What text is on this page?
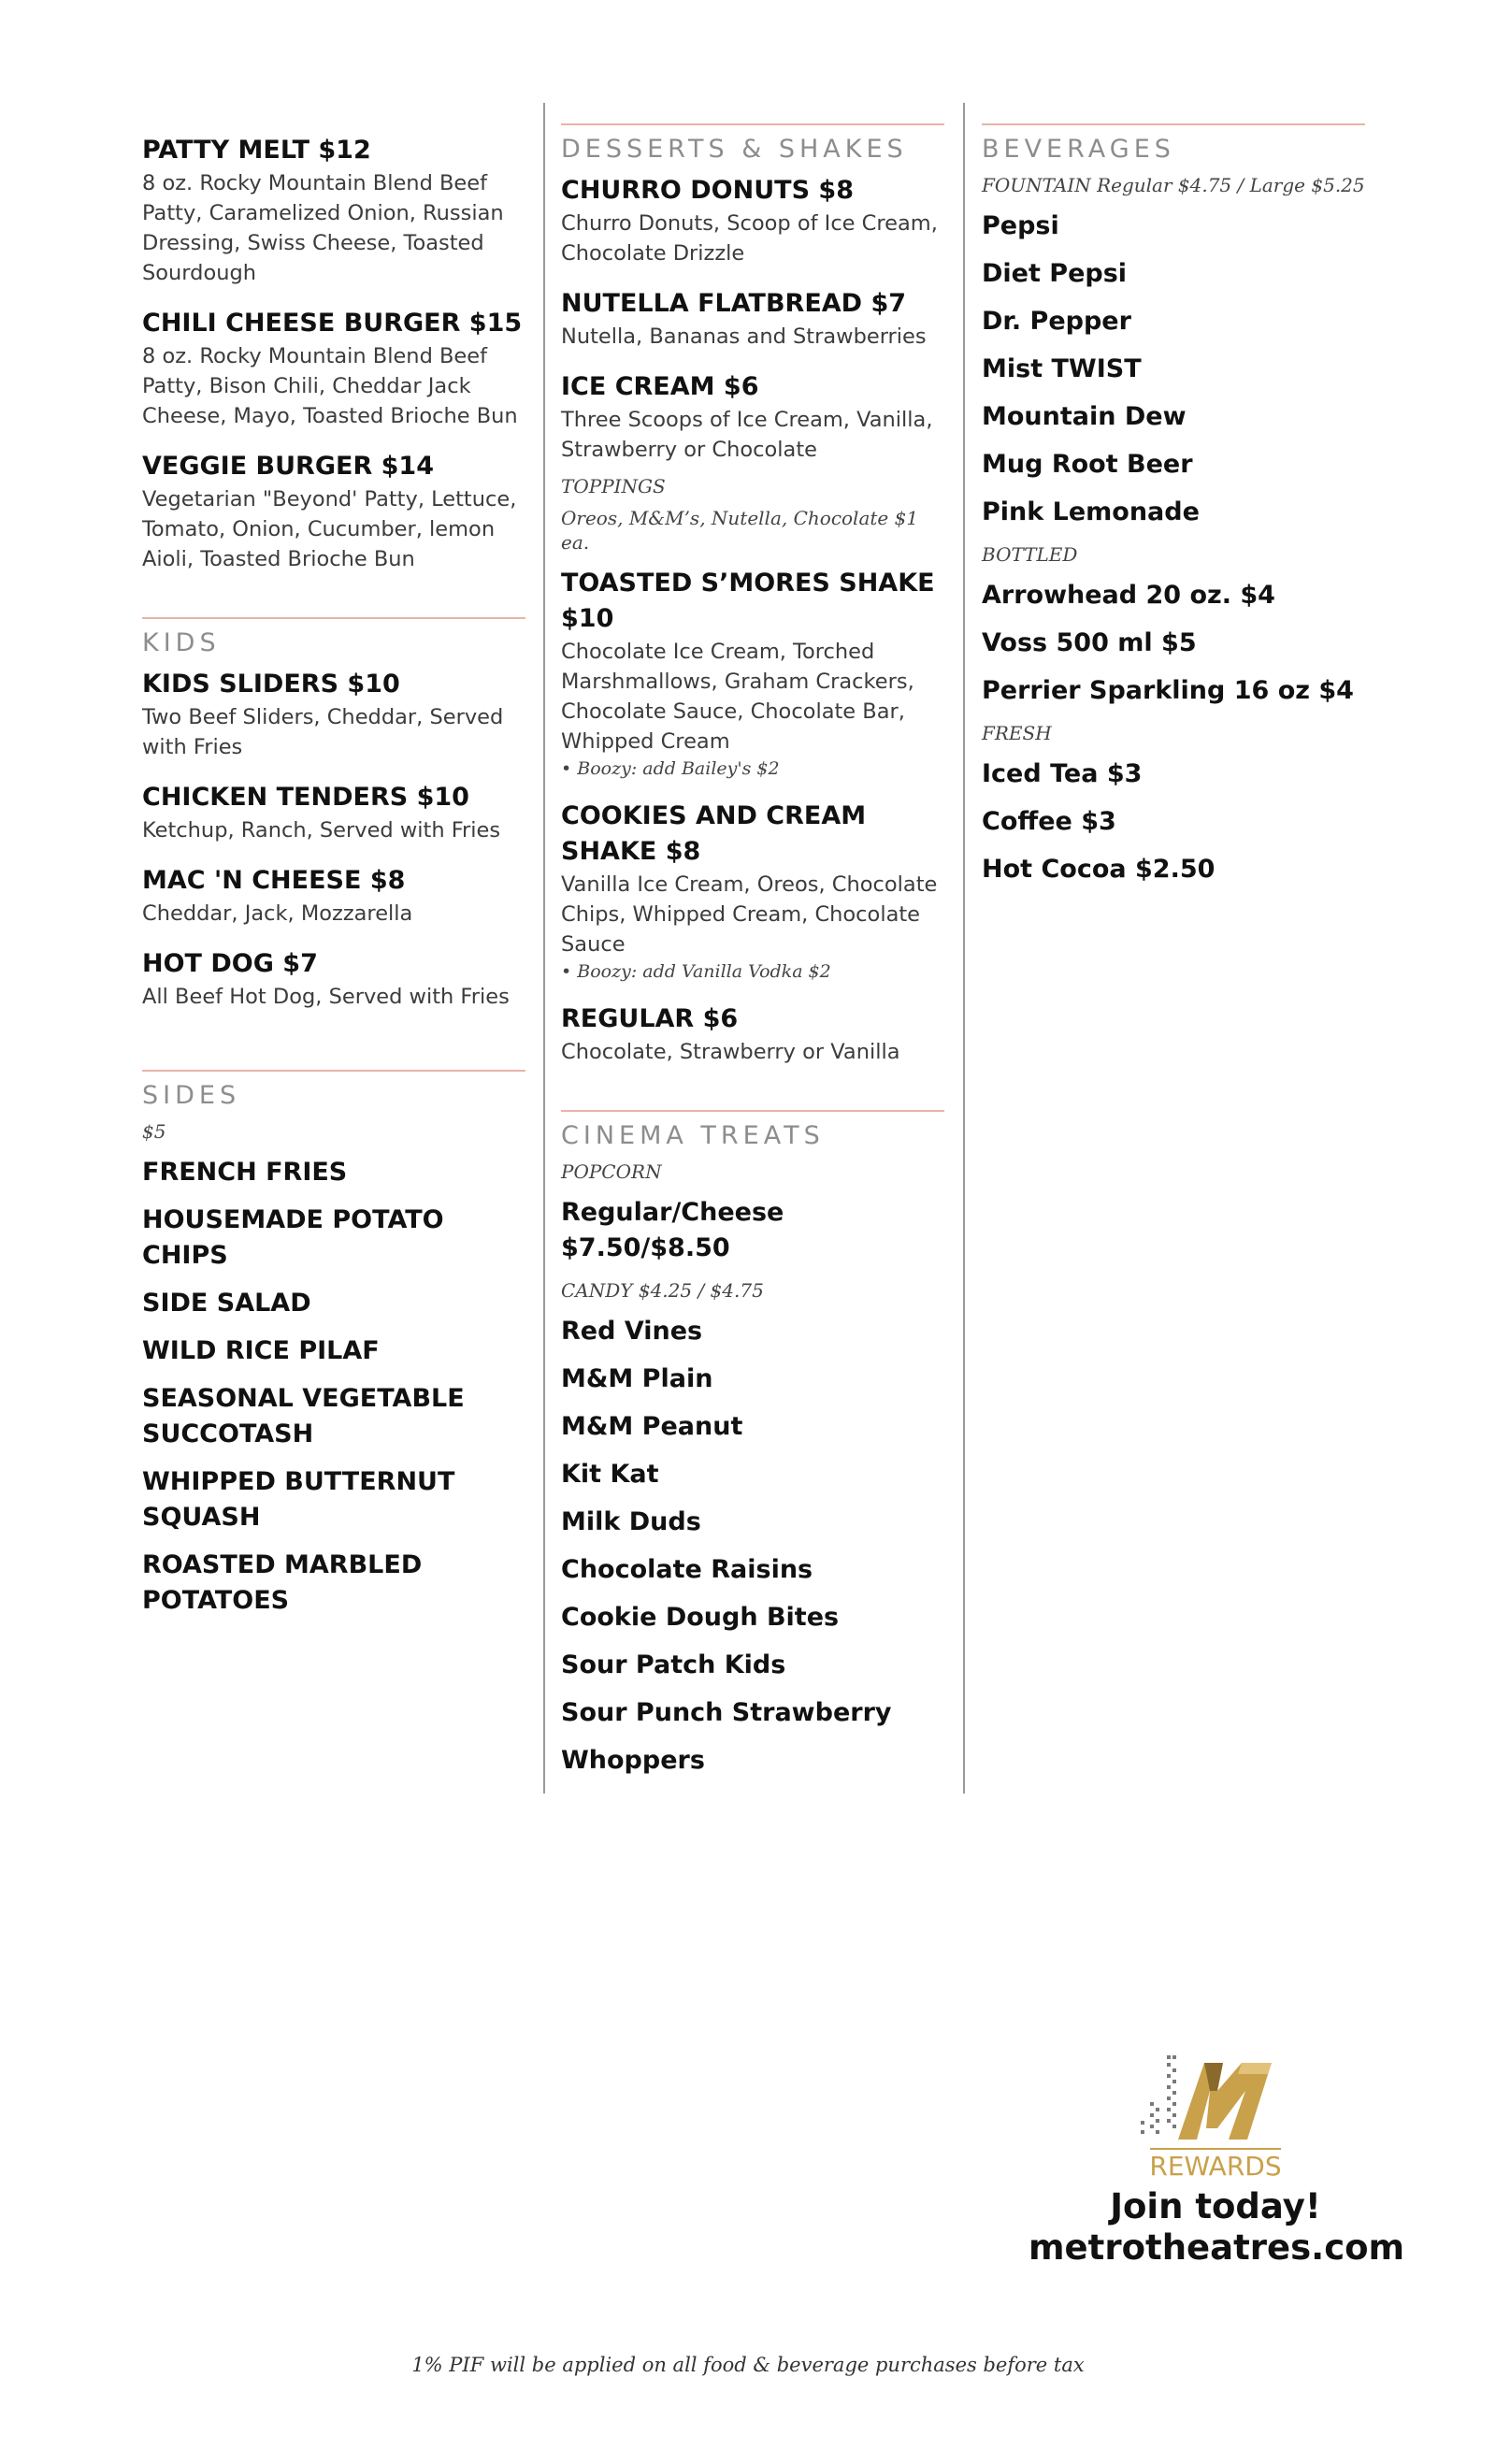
PATTY MELT $12
8 oz. Rocky Mountain Blend Beef Patty, Caramelized Onion, Russian Dressing, Swiss Cheese, Toasted Sourdough
CHILI CHEESE BURGER $15
8 oz. Rocky Mountain Blend Beef Patty, Bison Chili, Cheddar Jack Cheese, Mayo, Toasted Brioche Bun
VEGGIE BURGER $14
Vegetarian "Beyond' Patty, Lettuce, Tomato, Onion, Cucumber, lemon Aioli, Toasted Brioche Bun
KIDS
KIDS SLIDERS $10
Two Beef Sliders, Cheddar, Served with Fries
CHICKEN TENDERS $10
Ketchup, Ranch, Served with Fries
MAC 'N CHEESE $8
Cheddar, Jack, Mozzarella
HOT DOG $7
All Beef Hot Dog, Served with Fries
SIDES
$5
FRENCH FRIES
HOUSEMADE POTATO CHIPS
SIDE SALAD
WILD RICE PILAF
SEASONAL VEGETABLE SUCCOTASH
WHIPPED BUTTERNUT SQUASH
ROASTED MARBLED POTATOES
DESSERTS & SHAKES
CHURRO DONUTS $8
Churro Donuts, Scoop of Ice Cream, Chocolate Drizzle
NUTELLA FLATBREAD $7
Nutella, Bananas and Strawberries
ICE CREAM $6
Three Scoops of Ice Cream, Vanilla, Strawberry or Chocolate
TOPPINGS
Oreos, M&M’s, Nutella, Chocolate $1 ea.
TOASTED S’MORES SHAKE $10
Chocolate Ice Cream, Torched Marshmallows, Graham Crackers, Chocolate Sauce, Chocolate Bar, Whipped Cream
• Boozy: add Bailey's $2
COOKIES AND CREAM SHAKE $8
Vanilla Ice Cream, Oreos, Chocolate Chips, Whipped Cream, Chocolate Sauce
• Boozy: add Vanilla Vodka $2
REGULAR $6
Chocolate, Strawberry or Vanilla
CINEMA TREATS
POPCORN
Regular/Cheese $7.50/$8.50
CANDY $4.25 / $4.75
Red Vines
M&M Plain
M&M Peanut
Kit Kat
Milk Duds
Chocolate Raisins
Cookie Dough Bites
Sour Patch Kids
Sour Punch Strawberry
Whoppers
BEVERAGES
FOUNTAIN Regular $4.75 / Large $5.25
Pepsi
Diet Pepsi
Dr. Pepper
Mist TWIST
Mountain Dew
Mug Root Beer
Pink Lemonade
BOTTLED
Arrowhead 20 oz. $4
Voss 500 ml $5
Perrier Sparkling 16 oz $4
FRESH
Iced Tea $3
Coffee $3
Hot Cocoa $2.50
REWARDS
Join today!
metrotheatres.com
1% PIF will be applied on all food & beverage purchases before tax
